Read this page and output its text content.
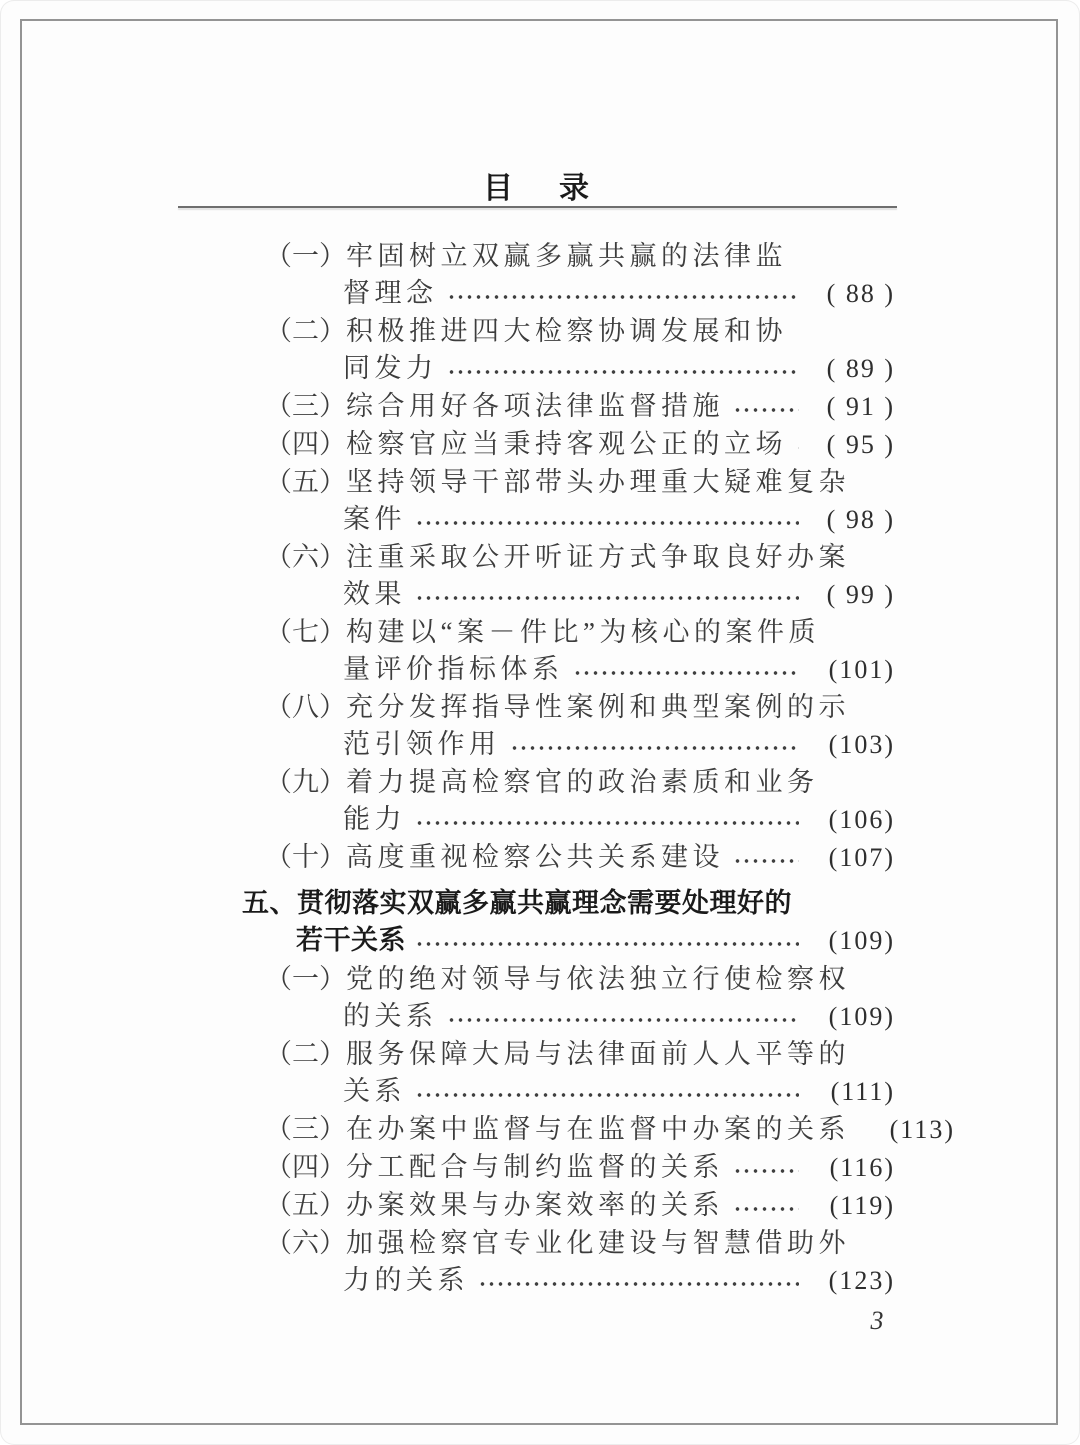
目　录
（一） 牢固树立双赢多赢共赢的法律监
督理念	( 88 )
（二） 积极推进四大检察协调发展和协
同发力	( 89 )
（三） 综合用好各项法律监督措施	( 91 )
（四） 检察官应当秉持客观公正的立场	( 95 )
（五） 坚持领导干部带头办理重大疑难复杂
案件	( 98 )
（六） 注重采取公开听证方式争取良好办案
效果	( 99 )
（七） 构建以“案－件比”为核心的案件质
量评价指标体系	(101)
（八） 充分发挥指导性案例和典型案例的示
范引领作用	(103)
（九） 着力提高检察官的政治素质和业务
能力	(106)
（十） 高度重视检察公共关系建设	(107)
五、 贯彻落实双赢多赢共赢理念需要处理好的
若干关系	(109)
（一） 党的绝对领导与依法独立行使检察权
的关系	(109)
（二） 服务保障大局与法律面前人人平等的
关系	(111)
（三） 在办案中监督与在监督中办案的关系	(113)
（四） 分工配合与制约监督的关系	(116)
（五） 办案效果与办案效率的关系	(119)
（六） 加强检察官专业化建设与智慧借助外
力的关系	(123)
3
